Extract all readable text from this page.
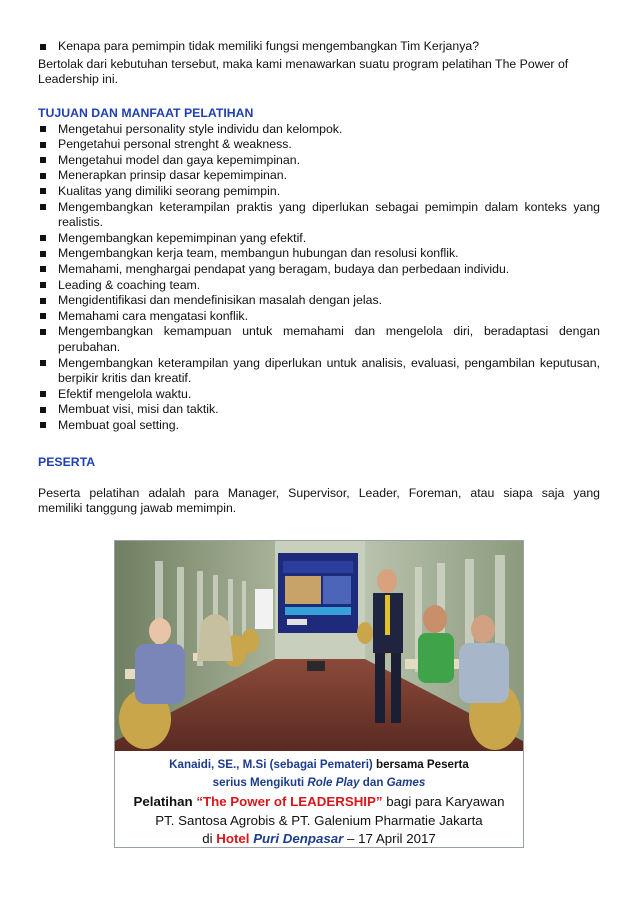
Kenapa para pemimpin tidak memiliki fungsi mengembangkan Tim Kerjanya?
Bertolak dari kebutuhan tersebut, maka kami menawarkan suatu program pelatihan The Power of Leadership ini.
TUJUAN DAN MANFAAT PELATIHAN
Mengetahui personality style individu dan kelompok.
Pengetahui personal strenght & weakness.
Mengetahui model dan gaya kepemimpinan.
Menerapkan prinsip dasar kepemimpinan.
Kualitas yang dimiliki seorang pemimpin.
Mengembangkan keterampilan praktis yang diperlukan sebagai pemimpin dalam konteks yang realistis.
Mengembangkan kepemimpinan yang efektif.
Mengembangkan kerja team, membangun hubungan dan resolusi konflik.
Memahami, menghargai pendapat yang beragam, budaya dan perbedaan individu.
Leading & coaching team.
Mengidentifikasi dan mendefinisikan masalah dengan jelas.
Memahami cara mengatasi konflik.
Mengembangkan kemampuan untuk memahami dan mengelola diri, beradaptasi dengan perubahan.
Mengembangkan keterampilan yang diperlukan untuk analisis, evaluasi, pengambilan keputusan, berpikir kritis dan kreatif.
Efektif mengelola waktu.
Membuat visi, misi dan taktik.
Membuat goal setting.
PESERTA
Peserta pelatihan adalah para Manager, Supervisor, Leader, Foreman, atau siapa saja yang
memiliki tanggung jawab memimpin.
Kanaidi, SE., M.Si (sebagai Pemateri) bersama Peserta
serius Mengikuti Role Play dan Games
Pelatihan “The Power of LEADERSHIP” bagi para Karyawan
PT. Santosa Agrobis & PT. Galenium Pharmatie Jakarta
di Hotel Puri Denpasar – 17 April 2017
